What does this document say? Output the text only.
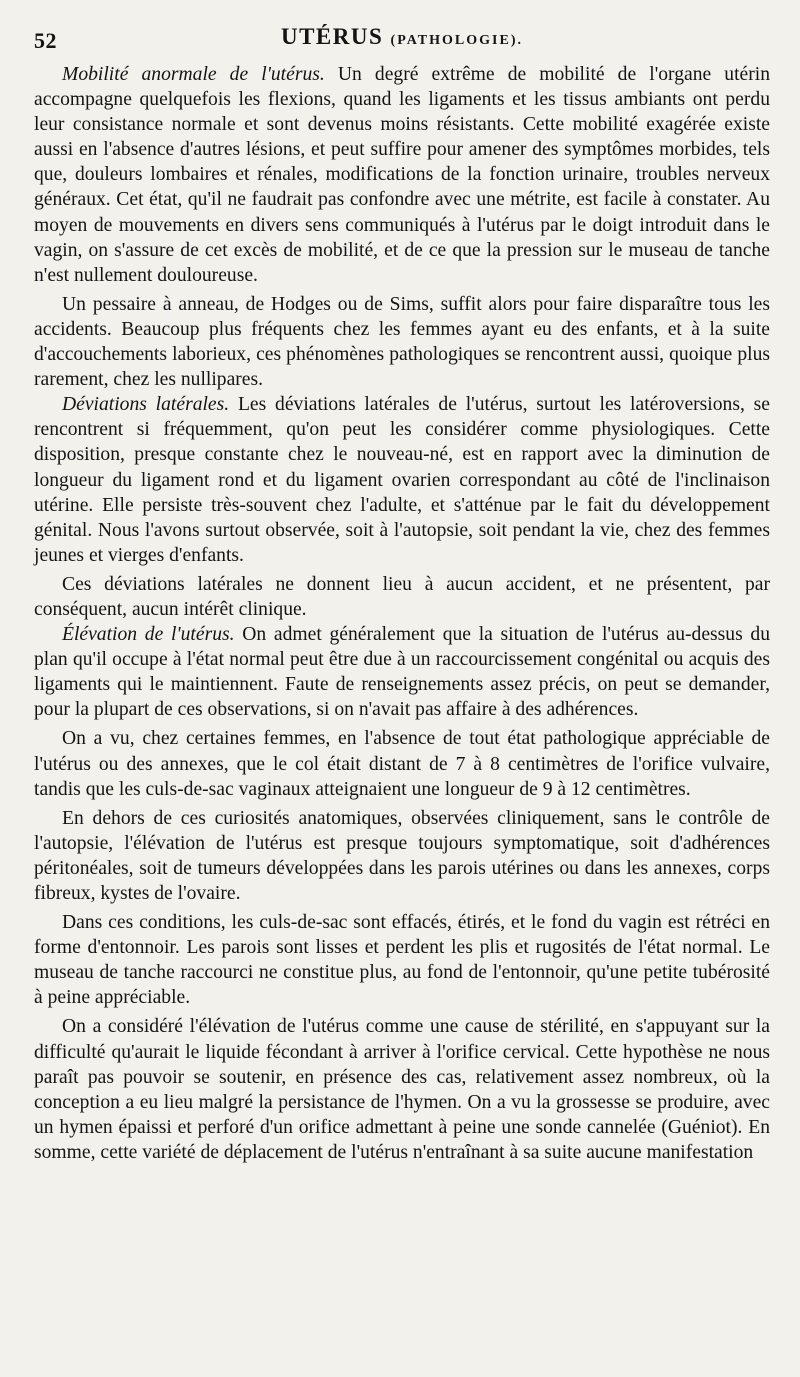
52	UTÉRUS (PATHOLOGIE).

Mobilité anormale de l'utérus. Un degré extrême de mobilité de l'organe utérin accompagne quelquefois les flexions, quand les ligaments et les tissus ambiants ont perdu leur consistance normale et sont devenus moins résistants. Cette mobilité exagérée existe aussi en l'absence d'autres lésions, et peut suffire pour amener des symptômes morbides, tels que, douleurs lombaires et rénales, modifications de la fonction urinaire, troubles nerveux généraux. Cet état, qu'il ne faudrait pas confondre avec une métrite, est facile à constater. Au moyen de mouvements en divers sens communiqués à l'utérus par le doigt introduit dans le vagin, on s'assure de cet excès de mobilité, et de ce que la pression sur le museau de tanche n'est nullement douloureuse.

Un pessaire à anneau, de Hodges ou de Sims, suffit alors pour faire disparaître tous les accidents. Beaucoup plus fréquents chez les femmes ayant eu des enfants, et à la suite d'accouchements laborieux, ces phénomènes pathologiques se rencontrent aussi, quoique plus rarement, chez les nullipares.

Déviations latérales. Les déviations latérales de l'utérus, surtout les latéroversions, se rencontrent si fréquemment, qu'on peut les considérer comme physiologiques. Cette disposition, presque constante chez le nouveau-né, est en rapport avec la diminution de longueur du ligament rond et du ligament ovarien correspondant au côté de l'inclinaison utérine. Elle persiste très-souvent chez l'adulte, et s'atténue par le fait du développement génital. Nous l'avons surtout observée, soit à l'autopsie, soit pendant la vie, chez des femmes jeunes et vierges d'enfants.

Ces déviations latérales ne donnent lieu à aucun accident, et ne présentent, par conséquent, aucun intérêt clinique.

Élévation de l'utérus. On admet généralement que la situation de l'utérus au-dessus du plan qu'il occupe à l'état normal peut être due à un raccourcissement congénital ou acquis des ligaments qui le maintiennent. Faute de renseignements assez précis, on peut se demander, pour la plupart de ces observations, si on n'avait pas affaire à des adhérences.

On a vu, chez certaines femmes, en l'absence de tout état pathologique appréciable de l'utérus ou des annexes, que le col était distant de 7 à 8 centimètres de l'orifice vulvaire, tandis que les culs-de-sac vaginaux atteignaient une longueur de 9 à 12 centimètres.

En dehors de ces curiosités anatomiques, observées cliniquement, sans le contrôle de l'autopsie, l'élévation de l'utérus est presque toujours symptomatique, soit d'adhérences péritonéales, soit de tumeurs développées dans les parois utérines ou dans les annexes, corps fibreux, kystes de l'ovaire.

Dans ces conditions, les culs-de-sac sont effacés, étirés, et le fond du vagin est rétréci en forme d'entonnoir. Les parois sont lisses et perdent les plis et rugosités de l'état normal. Le museau de tanche raccourci ne constitue plus, au fond de l'entonnoir, qu'une petite tubérosité à peine appréciable.

On a considéré l'élévation de l'utérus comme une cause de stérilité, en s'appuyant sur la difficulté qu'aurait le liquide fécondant à arriver à l'orifice cervical. Cette hypothèse ne nous paraît pas pouvoir se soutenir, en présence des cas, relativement assez nombreux, où la conception a eu lieu malgré la persistance de l'hymen. On a vu la grossesse se produire, avec un hymen épaissi et perforé d'un orifice admettant à peine une sonde cannelée (Guéniot). En somme, cette variété de déplacement de l'utérus n'entraînant à sa suite aucune manifestation
